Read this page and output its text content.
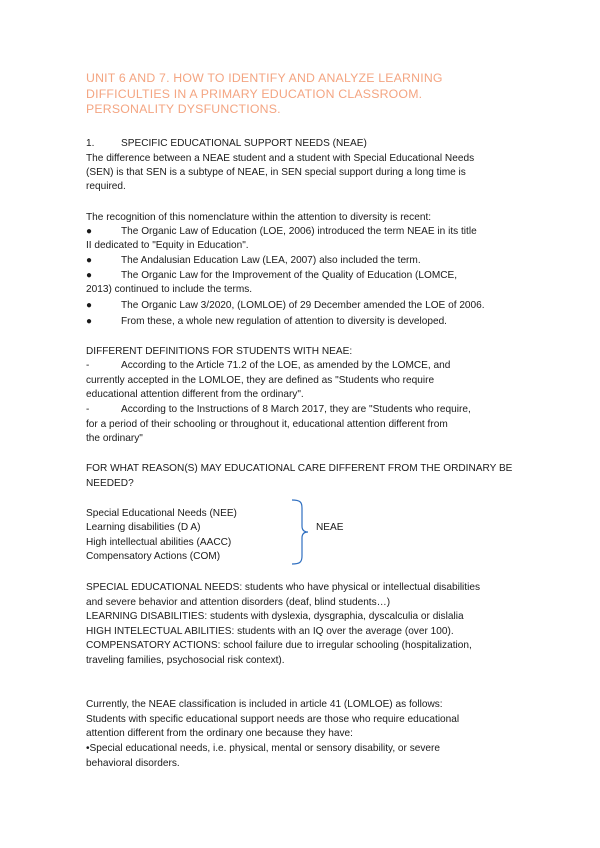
UNIT 6 AND 7. HOW TO IDENTIFY AND ANALYZE LEARNING
DIFFICULTIES IN A PRIMARY EDUCATION CLASSROOM.
PERSONALITY DYSFUNCTIONS.
1.	SPECIFIC EDUCATIONAL SUPPORT NEEDS (NEAE)
The difference between a NEAE student and a student with Special Educational Needs
(SEN) is that SEN is a subtype of NEAE, in SEN special support during a long time is
required.
The recognition of this nomenclature within the attention to diversity is recent:
●	The Organic Law of Education (LOE, 2006) introduced the term NEAE in its title
II dedicated to "Equity in Education".
●	The Andalusian Education Law (LEA, 2007) also included the term.
●	The Organic Law for the Improvement of the Quality of Education (LOMCE,
2013) continued to include the terms.
●	The Organic Law 3/2020, (LOMLOE) of 29 December amended the LOE of 2006.
●	From these, a whole new regulation of attention to diversity is developed.
DIFFERENT DEFINITIONS FOR STUDENTS WITH NEAE:
-	According to the Article 71.2 of the LOE, as amended by the LOMCE, and
currently accepted in the LOMLOE, they are defined as "Students who require
educational attention different from the ordinary".
-	According to the Instructions of 8 March 2017, they are "Students who require,
for a period of their schooling or throughout it, educational attention different from
the ordinary"
FOR WHAT REASON(S) MAY EDUCATIONAL CARE DIFFERENT FROM THE ORDINARY BE
NEEDED?
Special Educational Needs (NEE)
Learning disabilities (D A)
High intellectual abilities (AACC)
Compensatory Actions (COM)
NEAE
SPECIAL EDUCATIONAL NEEDS: students who have physical or intellectual disabilities
and severe behavior and attention disorders (deaf, blind students…)
LEARNING DISABILITIES: students with dyslexia, dysgraphia, dyscalculia or dislalia
HIGH INTELECTUAL ABILITIES: students with an IQ over the average (over 100).
COMPENSATORY ACTIONS: school failure due to irregular schooling (hospitalization,
traveling families, psychosocial risk context).
Currently, the NEAE classification is included in article 41 (LOMLOE) as follows:
Students with specific educational support needs are those who require educational
attention different from the ordinary one because they have:
•Special educational needs, i.e. physical, mental or sensory disability, or severe
behavioral disorders.
